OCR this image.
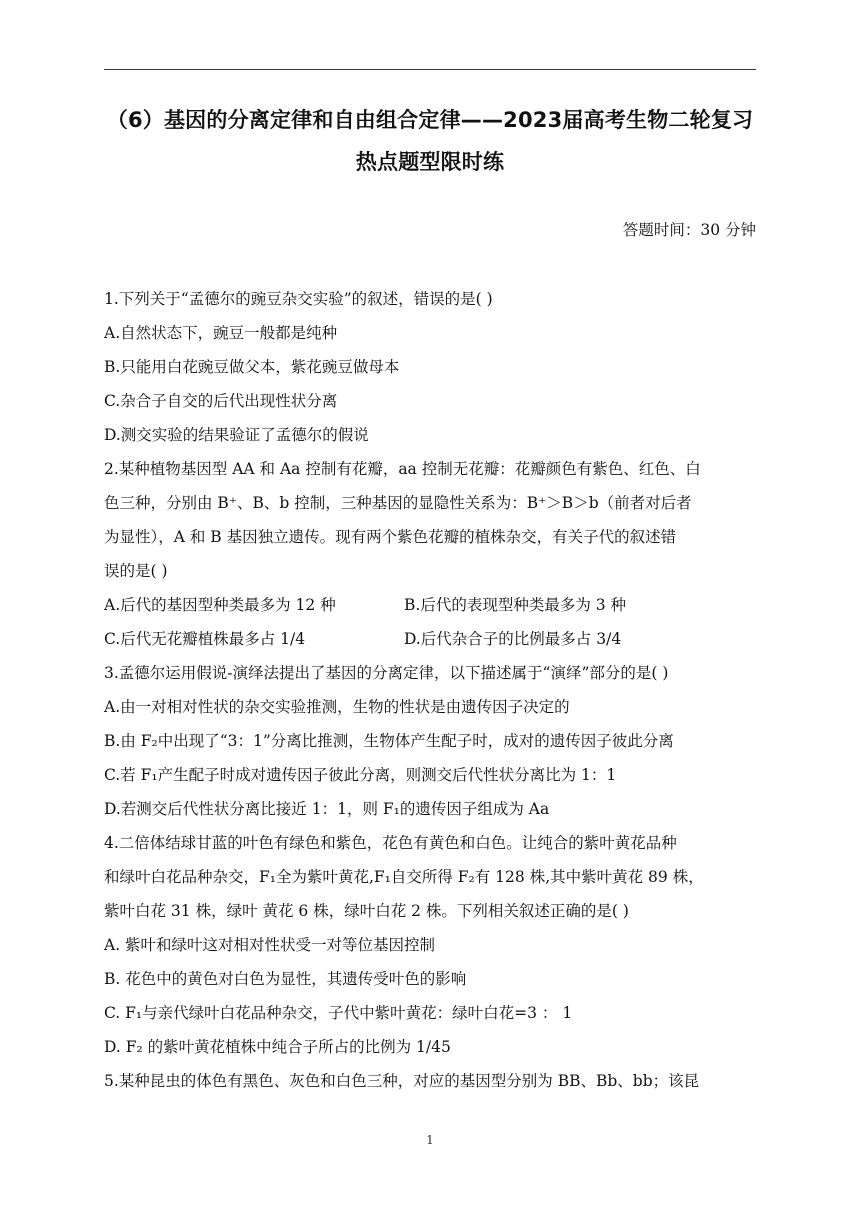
（6）基因的分离定律和自由组合定律——2023届高考生物二轮复习
热点题型限时练
答题时间：30 分钟
1.下列关于“孟德尔的豌豆杂交实验”的叙述，错误的是( )
A.自然状态下，豌豆一般都是纯种
B.只能用白花豌豆做父本，紫花豌豆做母本
C.杂合子自交的后代出现性状分离
D.测交实验的结果验证了孟德尔的假说
2.某种植物基因型 AA 和 Aa 控制有花瓣，aa 控制无花瓣：花瓣颜色有紫色、红色、白
色三种，分别由 B⁺、B、b 控制，三种基因的显隐性关系为：B⁺＞B＞b（前者对后者
为显性），A 和 B 基因独立遗传。现有两个紫色花瓣的植株杂交，有关子代的叙述错
误的是( )
A.后代的基因型种类最多为 12 种	B.后代的表现型种类最多为 3 种
C.后代无花瓣植株最多占 1/4	D.后代杂合子的比例最多占 3/4
3.孟德尔运用假说-演绎法提出了基因的分离定律，以下描述属于“演绎”部分的是( )
A.由一对相对性状的杂交实验推测，生物的性状是由遗传因子决定的
B.由 F₂中出现了“3：1”分离比推测，生物体产生配子时，成对的遗传因子彼此分离
C.若 F₁产生配子时成对遗传因子彼此分离，则测交后代性状分离比为 1：1
D.若测交后代性状分离比接近 1：1，则 F₁的遗传因子组成为 Aa
4.二倍体结球甘蓝的叶色有绿色和紫色，花色有黄色和白色。让纯合的紫叶黄花品种
和绿叶白花品种杂交，F₁全为紫叶黄花,F₁自交所得 F₂有 128 株,其中紫叶黄花 89 株，
紫叶白花 31 株，绿叶 黄花 6 株，绿叶白花 2 株。下列相关叙述正确的是( )
A. 紫叶和绿叶这对相对性状受一对等位基因控制
B. 花色中的黄色对白色为显性，其遗传受叶色的影响
C. F₁与亲代绿叶白花品种杂交，子代中紫叶黄花：绿叶白花=3 ： 1
D. F₂ 的紫叶黄花植株中纯合子所占的比例为 1/45
5.某种昆虫的体色有黑色、灰色和白色三种，对应的基因型分别为 BB、Bb、bb；该昆
1
